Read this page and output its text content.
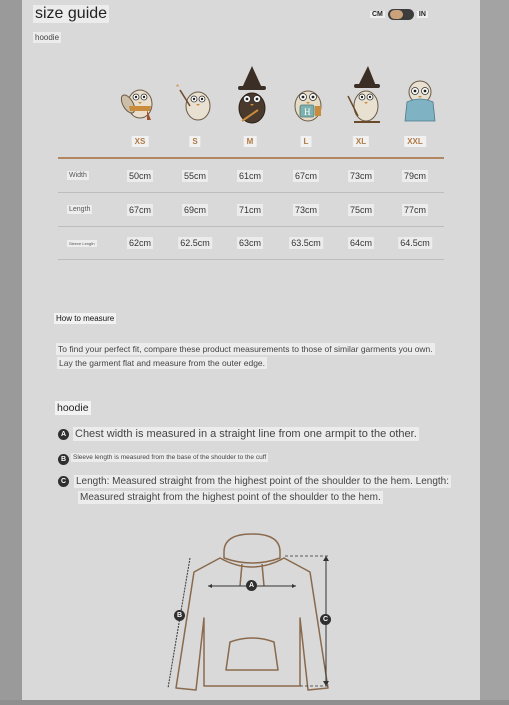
size guide
hoodie
CM	IN
*
H
XS	S	M	L	XL	XXL
Width	50cm	55cm	61cm	67cm	73cm	79cm
Length	67cm	69cm	71cm	73cm	75cm	77cm
Sleeve Length	62cm	62.5cm	63cm	63.5cm	64cm	64.5cm
How to measure
To find your perfect fit, compare these product measurements to those of similar garments you own.
Lay the garment flat and measure from the outer edge.
hoodie
A Chest width is measured in a straight line from one armpit to the other.
B	Sleeve length is measured from the base of the shoulder to the cuff
C Length: Measured straight from the highest point of the shoulder to the hem. Length:
Measured straight from the highest point of the shoulder to the hem.
A
B
C
